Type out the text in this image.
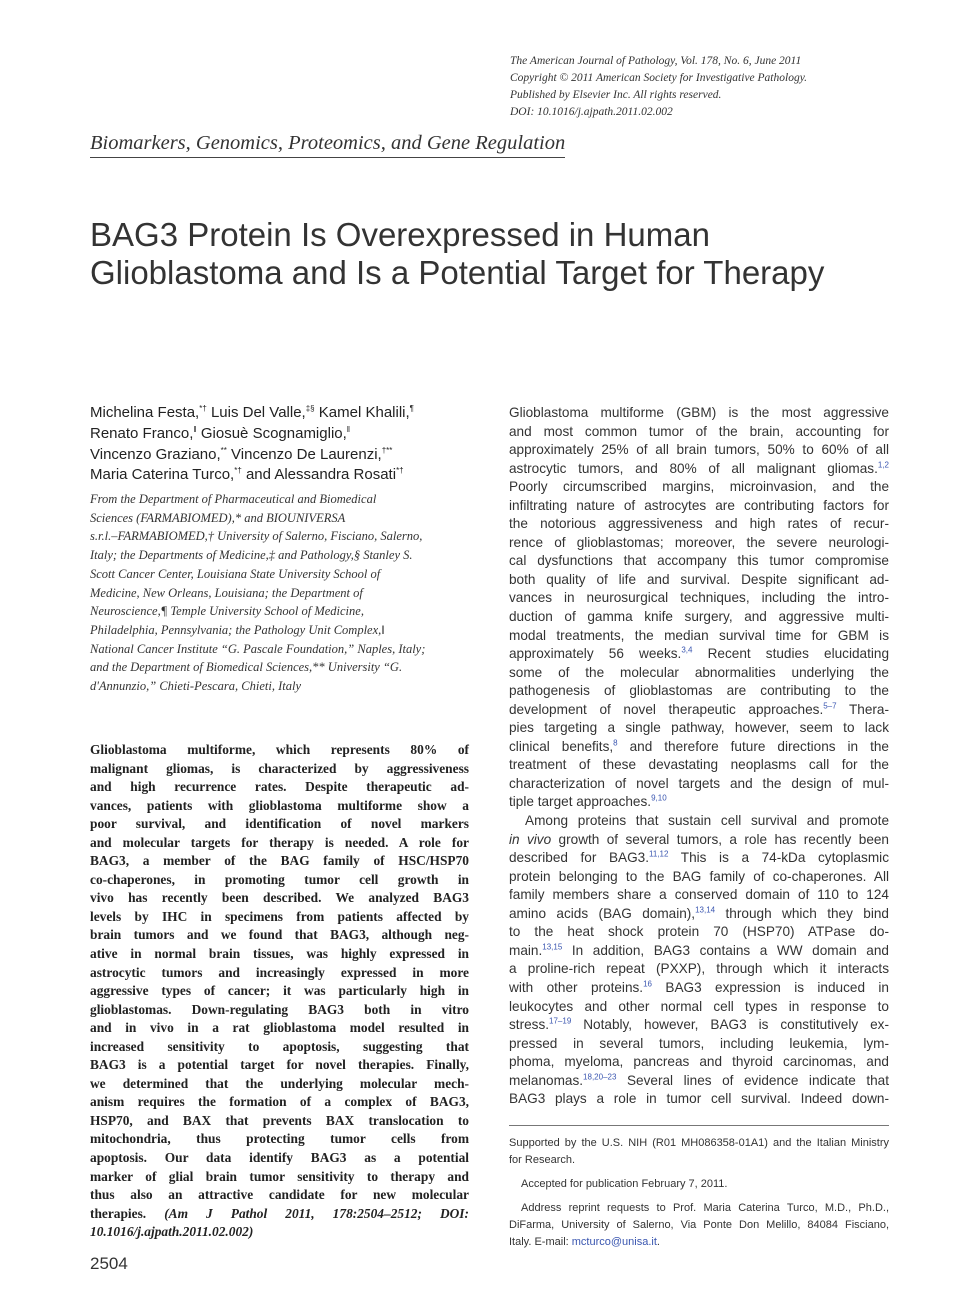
The American Journal of Pathology, Vol. 178, No. 6, June 2011
Copyright © 2011 American Society for Investigative Pathology.
Published by Elsevier Inc. All rights reserved.
DOI: 10.1016/j.ajpath.2011.02.002
Biomarkers, Genomics, Proteomics, and Gene Regulation
BAG3 Protein Is Overexpressed in Human
Glioblastoma and Is a Potential Target for Therapy
Michelina Festa,*† Luis Del Valle,‡§ Kamel Khalili,¶
Renato Franco,‖ Giosuè Scognamiglio,‖
Vincenzo Graziano,** Vincenzo De Laurenzi,†**
Maria Caterina Turco,*† and Alessandra Rosati*†
From the Department of Pharmaceutical and Biomedical
Sciences (FARMABIOMED),* and BIOUNIVERSA
s.r.l.–FARMABIOMED,† University of Salerno, Fisciano, Salerno,
Italy; the Departments of Medicine,‡ and Pathology,§ Stanley S.
Scott Cancer Center, Louisiana State University School of
Medicine, New Orleans, Louisiana; the Department of
Neuroscience,¶ Temple University School of Medicine,
Philadelphia, Pennsylvania; the Pathology Unit Complex,‖
National Cancer Institute “G. Pascale Foundation,” Naples, Italy;
and the Department of Biomedical Sciences,** University “G.
d'Annunzio,” Chieti-Pescara, Chieti, Italy
Glioblastoma multiforme, which represents 80% of
malignant gliomas, is characterized by aggressiveness
and high recurrence rates. Despite therapeutic ad-
vances, patients with glioblastoma multiforme show a
poor survival, and identification of novel markers
and molecular targets for therapy is needed. A role for
BAG3, a member of the BAG family of HSC/HSP70
co-chaperones, in promoting tumor cell growth in
vivo has recently been described. We analyzed BAG3
levels by IHC in specimens from patients affected by
brain tumors and we found that BAG3, although neg-
ative in normal brain tissues, was highly expressed in
astrocytic tumors and increasingly expressed in more
aggressive types of cancer; it was particularly high in
glioblastomas. Down-regulating BAG3 both in vitro
and in vivo in a rat glioblastoma model resulted in
increased sensitivity to apoptosis, suggesting that
BAG3 is a potential target for novel therapies. Finally,
we determined that the underlying molecular mech-
anism requires the formation of a complex of BAG3,
HSP70, and BAX that prevents BAX translocation to
mitochondria, thus protecting tumor cells from
apoptosis. Our data identify BAG3 as a potential
marker of glial brain tumor sensitivity to therapy and
thus also an attractive candidate for new molecular
therapies. (Am J Pathol 2011, 178:2504–2512; DOI:
10.1016/j.ajpath.2011.02.002)
Glioblastoma multiforme (GBM) is the most aggressive
and most common tumor of the brain, accounting for
approximately 25% of all brain tumors, 50% to 60% of all
astrocytic tumors, and 80% of all malignant gliomas.$^{1,2}$
Poorly circumscribed margins, microinvasion, and the
infiltrating nature of astrocytes are contributing factors for
the notorious aggressiveness and high rates of recur-
rence of glioblastomas; moreover, the severe neurologi-
cal dysfunctions that accompany this tumor compromise
both quality of life and survival. Despite significant ad-
vances in neurosurgical techniques, including the intro-
duction of gamma knife surgery, and aggressive multi-
modal treatments, the median survival time for GBM is
approximately 56 weeks.$^{3,4}$ Recent studies elucidating
some of the molecular abnormalities underlying the
pathogenesis of glioblastomas are contributing to the
development of novel therapeutic approaches.$^{5-7}$ Thera-
pies targeting a single pathway, however, seem to lack
clinical benefits,$^8$ and therefore future directions in the
treatment of these devastating neoplasms call for the
characterization of novel targets and the design of mul-
tiple target approaches.$^{9,10}$
Among proteins that sustain cell survival and promote
in vivo growth of several tumors, a role has recently been
described for BAG3.$^{11,12}$ This is a 74-kDa cytoplasmic
protein belonging to the BAG family of co-chaperones. All
family members share a conserved domain of 110 to 124
amino acids (BAG domain),$^{13,14}$ through which they bind
to the heat shock protein 70 (HSP70) ATPase do-
main.$^{13,15}$ In addition, BAG3 contains a WW domain and
a proline-rich repeat (PXXP), through which it interacts
with other proteins.$^{16}$ BAG3 expression is induced in
leukocytes and other normal cell types in response to
stress.$^{17-19}$ Notably, however, BAG3 is constitutively ex-
pressed in several tumors, including leukemia, lym-
phoma, myeloma, pancreas and thyroid carcinomas, and
melanomas.$^{18,20-23}$ Several lines of evidence indicate that
BAG3 plays a role in tumor cell survival. Indeed down-
Supported by the U.S. NIH (R01 MH086358-01A1) and the Italian Ministry
for Research.
Accepted for publication February 7, 2011.
Address reprint requests to Prof. Maria Caterina Turco, M.D., Ph.D.,
DiFarma, University of Salerno, Via Ponte Don Melillo, 84084 Fisciano,
Italy. E-mail: mcturco@unisa.it.
2504
